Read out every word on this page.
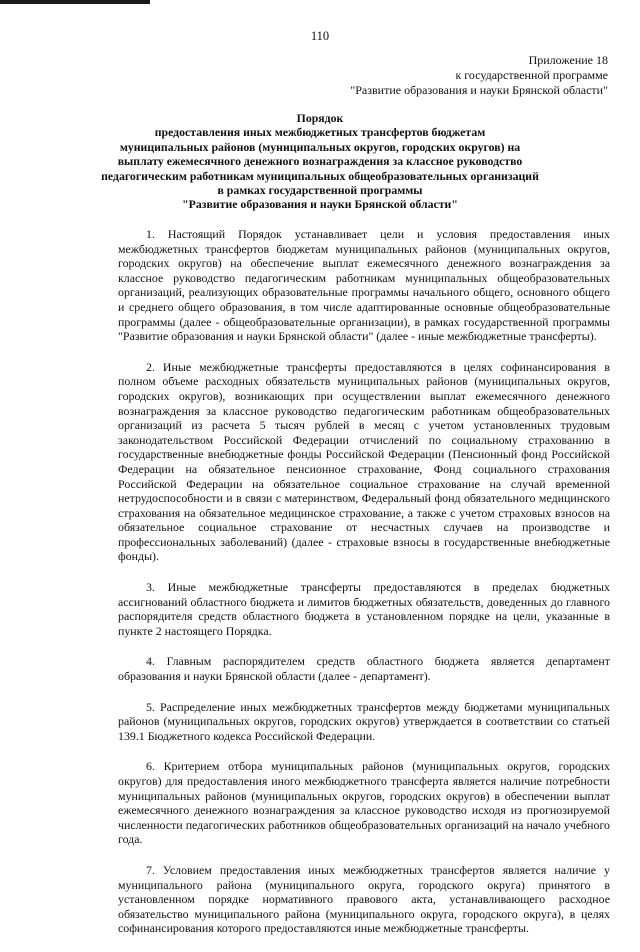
110
Приложение 18
к государственной программе
"Развитие образования и науки Брянской области"
Порядок
предоставления иных межбюджетных трансфертов бюджетам
муниципальных районов (муниципальных округов, городских округов) на
выплату ежемесячного денежного вознаграждения за классное руководство
педагогическим работникам муниципальных общеобразовательных организаций
в рамках государственной программы
"Развитие образования и науки Брянской области"

1. Настоящий Порядок устанавливает цели и условия предоставления иных межбюджетных трансфертов бюджетам муниципальных районов (муниципальных округов, городских округов) на обеспечение выплат ежемесячного денежного вознаграждения за классное руководство педагогическим работникам муниципальных общеобразовательных организаций, реализующих образовательные программы начального общего, основного общего и среднего общего образования, в том числе адаптированные основные общеобразовательные программы (далее - общеобразовательные организации), в рамках государственной программы "Развитие образования и науки Брянской области" (далее - иные межбюджетные трансферты).

2. Иные межбюджетные трансферты предоставляются в целях софинансирования в полном объеме расходных обязательств муниципальных районов (муниципальных округов, городских округов), возникающих при осуществлении выплат ежемесячного денежного вознаграждения за классное руководство педагогическим работникам общеобразовательных организаций из расчета 5 тысяч рублей в месяц с учетом установленных трудовым законодательством Российской Федерации отчислений по социальному страхованию в государственные внебюджетные фонды Российской Федерации (Пенсионный фонд Российской Федерации на обязательное пенсионное страхование, Фонд социального страхования Российской Федерации на обязательное социальное страхование на случай временной нетрудоспособности и в связи с материнством, Федеральный фонд обязательного медицинского страхования на обязательное медицинское страхование, а также с учетом страховых взносов на обязательное социальное страхование от несчастных случаев на производстве и профессиональных заболеваний) (далее - страховые взносы в государственные внебюджетные фонды).

3. Иные межбюджетные трансферты предоставляются в пределах бюджетных ассигнований областного бюджета и лимитов бюджетных обязательств, доведенных до главного распорядителя средств областного бюджета в установленном порядке на цели, указанные в пункте 2 настоящего Порядка.

4. Главным распорядителем средств областного бюджета является департамент образования и науки Брянской области (далее - департамент).

5. Распределение иных межбюджетных трансфертов между бюджетами муниципальных районов (муниципальных округов, городских округов) утверждается в соответствии со статьей 139.1 Бюджетного кодекса Российской Федерации.

6. Критерием отбора муниципальных районов (муниципальных округов, городских округов) для предоставления иного межбюджетного трансферта является наличие потребности муниципальных районов (муниципальных округов, городских округов) в обеспечении выплат ежемесячного денежного вознаграждения за классное руководство исходя из прогнозируемой численности педагогических работников общеобразовательных организаций на начало учебного года.

7. Условием предоставления иных межбюджетных трансфертов является наличие у муниципального района (муниципального округа, городского округа) принятого в установленном порядке нормативного правового акта, устанавливающего расходное обязательство муниципального района (муниципального округа, городского округа), в целях софинансирования которого предоставляются иные межбюджетные трансферты.
